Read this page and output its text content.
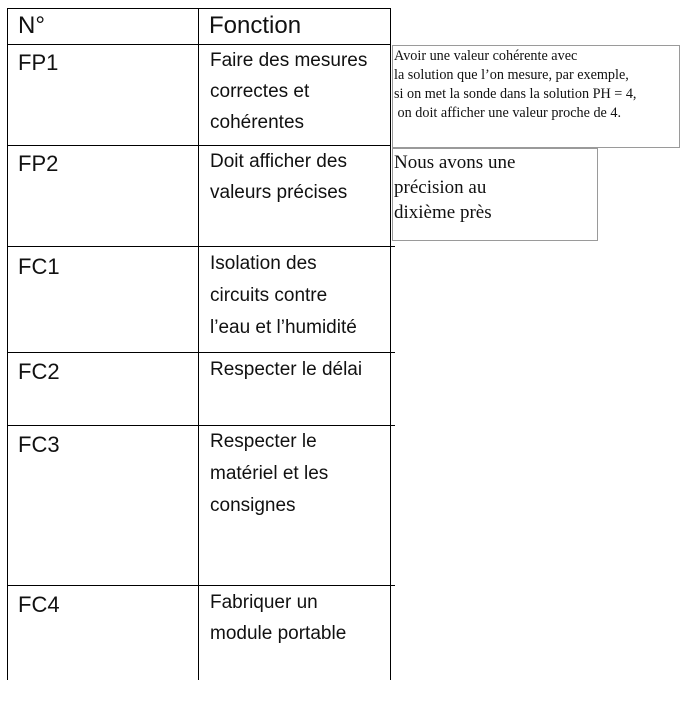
N°	Fonction
FP1	Faire des mesures
correctes et
cohérentes
FP2	Doit afficher des
valeurs précises
FC1	Isolation des
circuits contre
l’eau et l’humidité
FC2	Respecter le délai
FC3	Respecter le
matériel et les
consignes
FC4	Fabriquer un
module portable

Avoir une valeur cohérente avec

la solution que l’on mesure, par exemple,

si on met la sonde dans la solution PH = 4,

on doit afficher une valeur proche de 4.

Nous avons une

précision au

dixième près
